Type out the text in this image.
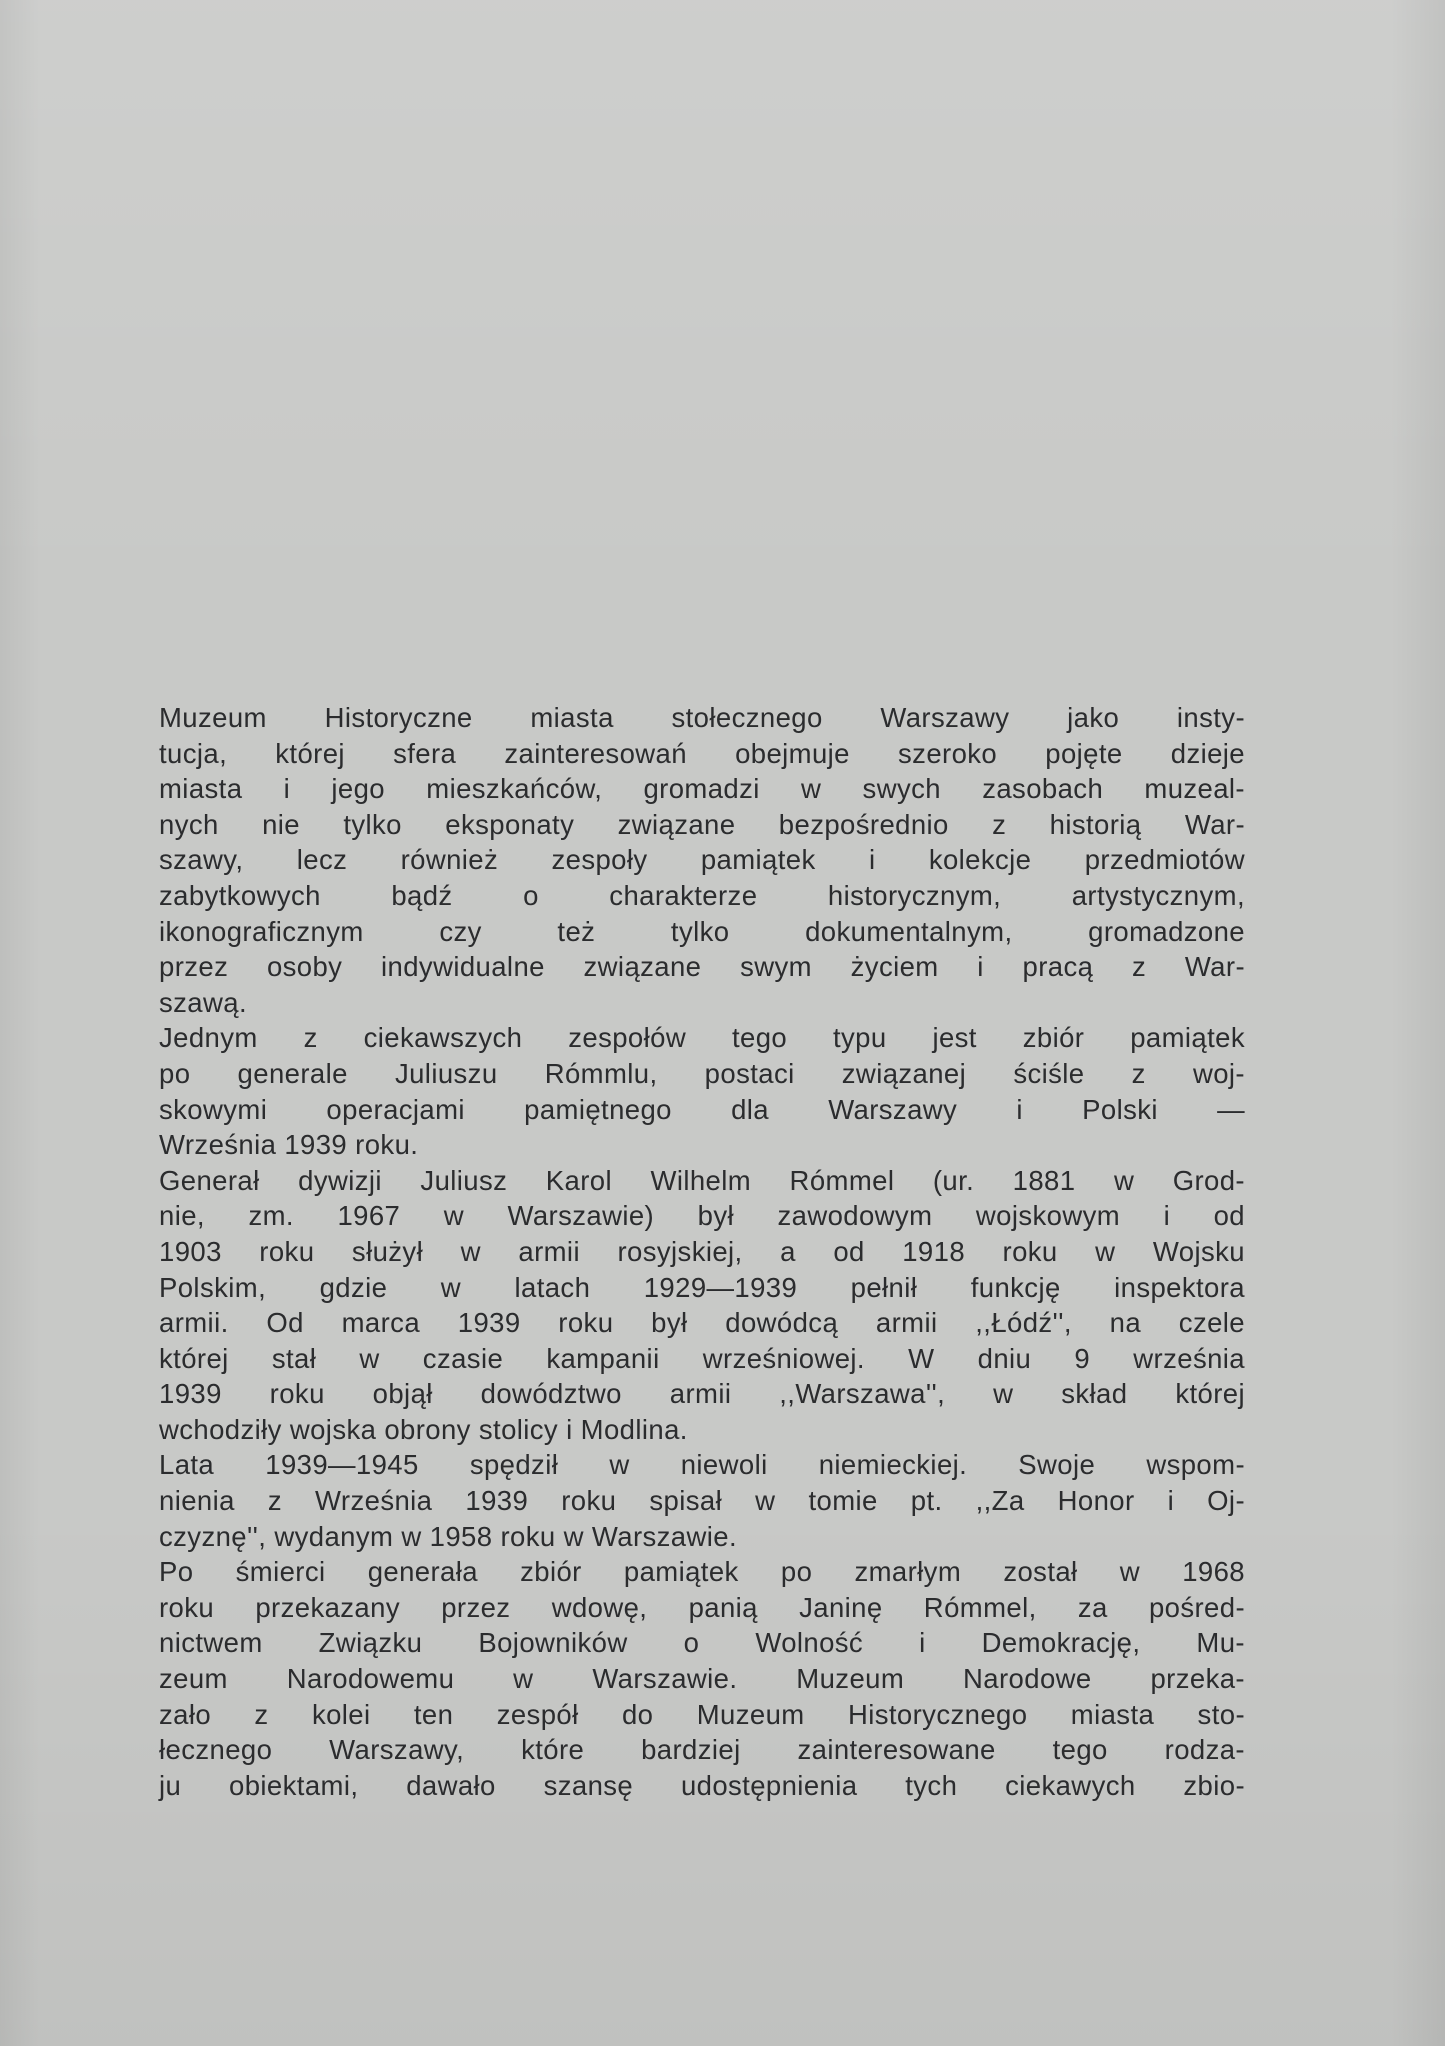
Muzeum Historyczne miasta stołecznego Warszawy jako insty-
tucja, której sfera zainteresowań obejmuje szeroko pojęte dzieje
miasta i jego mieszkańców, gromadzi w swych zasobach muzeal-
nych nie tylko eksponaty związane bezpośrednio z historią War-
szawy, lecz również zespoły pamiątek i kolekcje przedmiotów
zabytkowych bądź o charakterze historycznym, artystycznym,
ikonograficznym czy też tylko dokumentalnym, gromadzone
przez osoby indywidualne związane swym życiem i pracą z War-
szawą.
Jednym z ciekawszych zespołów tego typu jest zbiór pamiątek
po generale Juliuszu Rómmlu, postaci związanej ściśle z woj-
skowymi operacjami pamiętnego dla Warszawy i Polski —
Września 1939 roku.
Generał dywizji Juliusz Karol Wilhelm Rómmel (ur. 1881 w Grod-
nie, zm. 1967 w Warszawie) był zawodowym wojskowym i od
1903 roku służył w armii rosyjskiej, a od 1918 roku w Wojsku
Polskim, gdzie w latach 1929—1939 pełnił funkcję inspektora
armii. Od marca 1939 roku był dowódcą armii ,,Łódź'', na czele
której stał w czasie kampanii wrześniowej. W dniu 9 września
1939 roku objął dowództwo armii ,,Warszawa'', w skład której
wchodziły wojska obrony stolicy i Modlina.
Lata 1939—1945 spędził w niewoli niemieckiej. Swoje wspom-
nienia z Września 1939 roku spisał w tomie pt. ,,Za Honor i Oj-
czyznę'', wydanym w 1958 roku w Warszawie.
Po śmierci generała zbiór pamiątek po zmarłym został w 1968
roku przekazany przez wdowę, panią Janinę Rómmel, za pośred-
nictwem Związku Bojowników o Wolność i Demokrację, Mu-
zeum Narodowemu w Warszawie. Muzeum Narodowe przeka-
zało z kolei ten zespół do Muzeum Historycznego miasta sto-
łecznego Warszawy, które bardziej zainteresowane tego rodza-
ju obiektami, dawało szansę udostępnienia tych ciekawych zbio-
